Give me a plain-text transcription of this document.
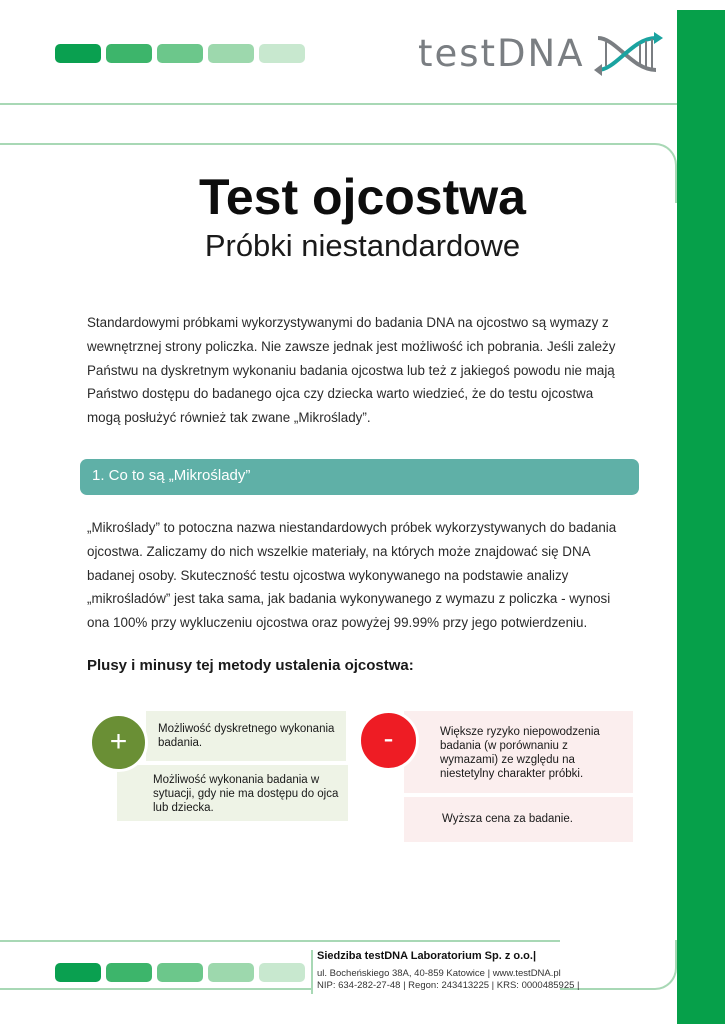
testDNA
Test ojcostwa
Próbki niestandardowe

Standardowymi próbkami wykorzystywanymi do badania DNA na ojcostwo są wymazy z
wewnętrznej strony policzka. Nie zawsze jednak jest możliwość ich pobrania. Jeśli zależy
Państwu na dyskretnym wykonaniu badania ojcostwa lub też z jakiegoś powodu nie mają
Państwo dostępu do badanego ojca czy dziecka warto wiedzieć, że do testu ojcostwa
mogą posłużyć również tak zwane „Mikroślady”.

1. Co to są „Mikroślady”

„Mikroślady” to potoczna nazwa niestandardowych próbek wykorzystywanych do badania
ojcostwa. Zaliczamy do nich wszelkie materiały, na których może znajdować się DNA
badanej osoby. Skuteczność testu ojcostwa wykonywanego na podstawie analizy
„mikrośladów” jest taka sama, jak badania wykonywanego z wymazu z policzka - wynosi
ona 100% przy wykluczeniu ojcostwa oraz powyżej 99.99% przy jego potwierdzeniu.

Plusy i minusy tej metody ustalenia ojcostwa:

Możliwość dyskretnego wykonania badania.
Możliwość wykonania badania w sytuacji, gdy nie ma dostępu do ojca lub dziecka.
+	Większe ryzyko niepowodzenia badania (w porównaniu z wymazami) ze względu na niestetylny charakter próbki.
Wyższa cena za badanie.
-
Siedziba testDNA Laboratorium Sp. z o.o.|
ul. Bocheńskiego 38A, 40-859 Katowice | www.testDNA.pl
NIP: 634-282-27-48 | Regon: 243413225 | KRS: 0000485925 |
